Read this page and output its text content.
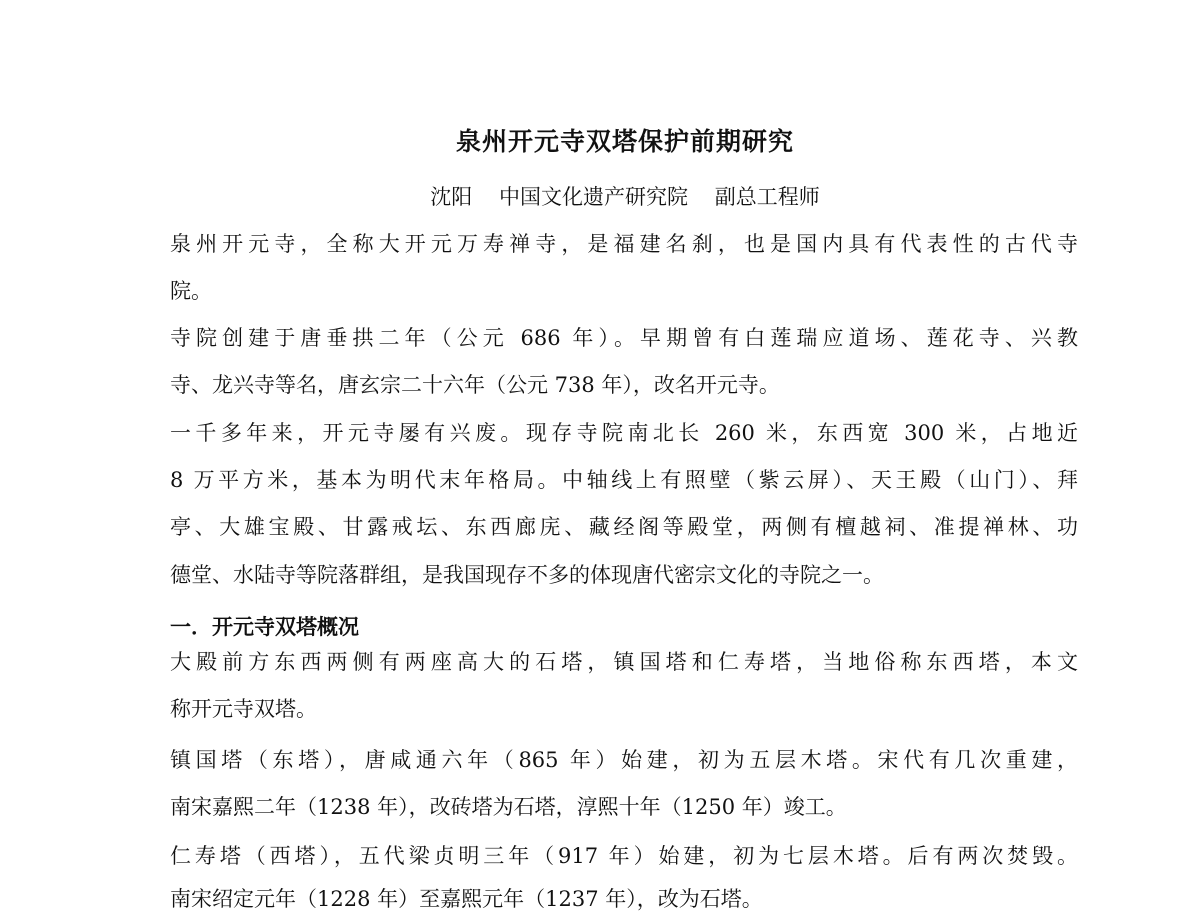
泉州开元寺双塔保护前期研究
沈阳    中国文化遗产研究院    副总工程师
泉州开元寺，全称大开元万寿禅寺，是福建名刹，也是国内具有代表性的古代寺
院。
寺院创建于唐垂拱二年（公元 686 年）。早期曾有白莲瑞应道场、莲花寺、兴教
寺、龙兴寺等名，唐玄宗二十六年（公元 738 年），改名开元寺。
一千多年来，开元寺屡有兴废。现存寺院南北长 260 米，东西宽 300 米，占地近
8 万平方米，基本为明代末年格局。中轴线上有照壁（紫云屏）、天王殿（山门）、拜
亭、大雄宝殿、甘露戒坛、东西廊庑、藏经阁等殿堂，两侧有檀越祠、准提禅林、功
德堂、水陆寺等院落群组，是我国现存不多的体现唐代密宗文化的寺院之一。
一．开元寺双塔概况
大殿前方东西两侧有两座高大的石塔，镇国塔和仁寿塔，当地俗称东西塔，本文
称开元寺双塔。
镇国塔（东塔），唐咸通六年（865 年）始建，初为五层木塔。宋代有几次重建，
南宋嘉熙二年（1238 年），改砖塔为石塔，淳熙十年（1250 年）竣工。
仁寿塔（西塔），五代梁贞明三年（917 年）始建，初为七层木塔。后有两次焚毁。
南宋绍定元年（1228 年）至嘉熙元年（1237 年），改为石塔。
